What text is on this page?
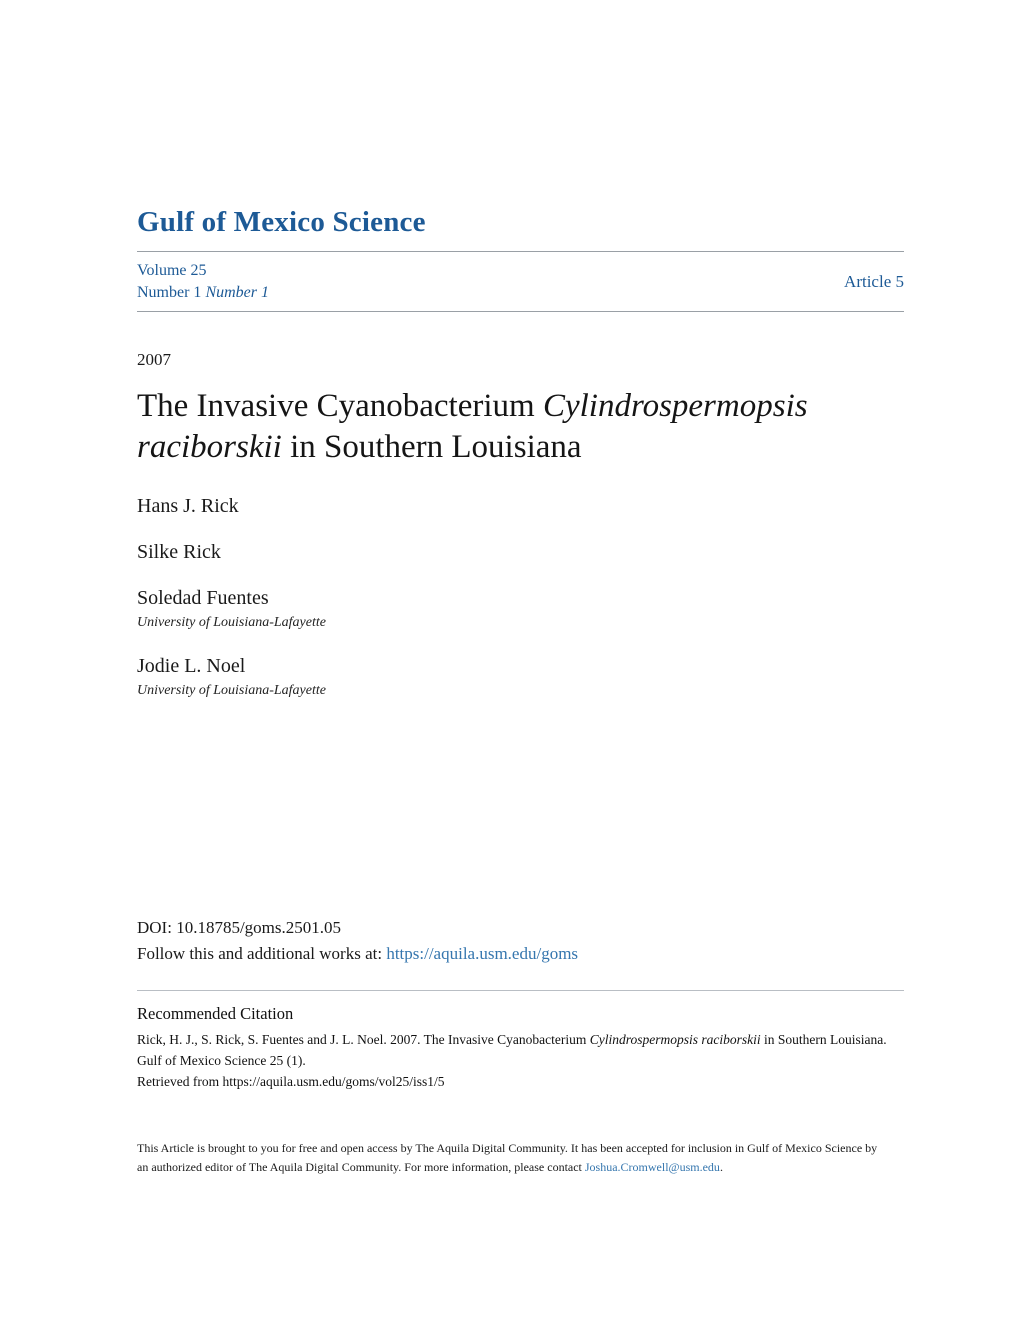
Gulf of Mexico Science
Volume 25
Number 1 Number 1
Article 5
2007
The Invasive Cyanobacterium Cylindrospermopsis raciborskii in Southern Louisiana
Hans J. Rick
Silke Rick
Soledad Fuentes
University of Louisiana-Lafayette
Jodie L. Noel
University of Louisiana-Lafayette
DOI: 10.18785/goms.2501.05
Follow this and additional works at: https://aquila.usm.edu/goms
Recommended Citation
Rick, H. J., S. Rick, S. Fuentes and J. L. Noel. 2007. The Invasive Cyanobacterium Cylindrospermopsis raciborskii in Southern Louisiana.
Gulf of Mexico Science 25 (1).
Retrieved from https://aquila.usm.edu/goms/vol25/iss1/5
This Article is brought to you for free and open access by The Aquila Digital Community. It has been accepted for inclusion in Gulf of Mexico Science by an authorized editor of The Aquila Digital Community. For more information, please contact Joshua.Cromwell@usm.edu.
